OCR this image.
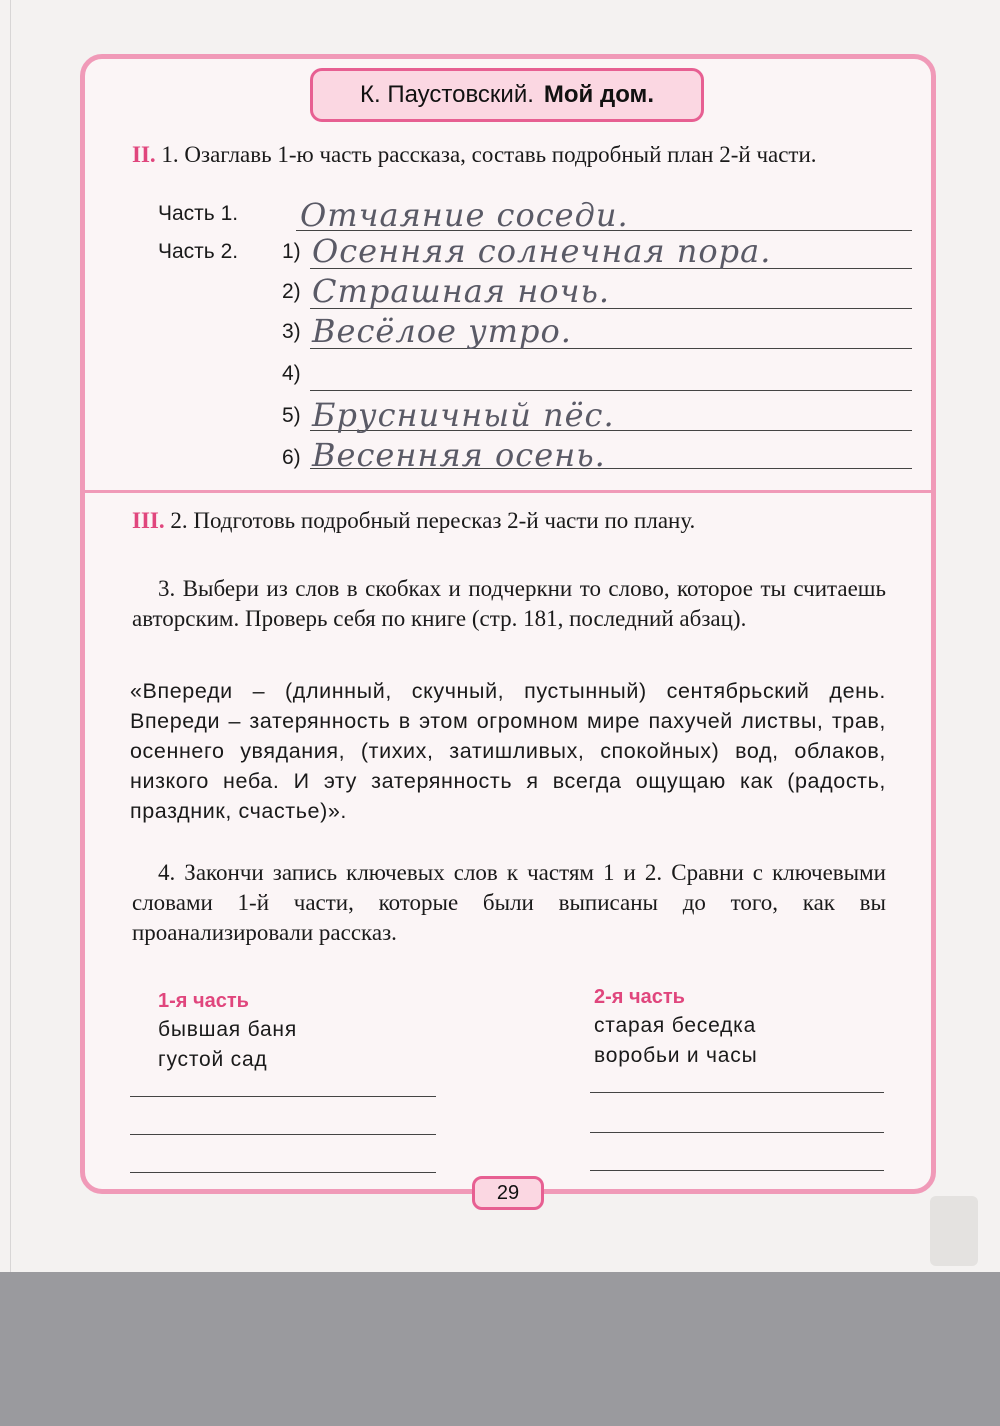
К. Паустовский. Мой дом.
II. 1. Озаглавь 1-ю часть рассказа, составь подробный план 2-й части.
Часть 1. Отчаяние соседи.
Часть 2. 1) Осенняя солнечная пора.
2) Страшная ночь.
3) Весёлое утро.
4)
5) Брусничный пёс.
6) Весенняя осень.
III. 2. Подготовь подробный пересказ 2-й части по плану.
3. Выбери из слов в скобках и подчеркни то слово, которое ты считаешь авторским. Проверь себя по книге (стр. 181, последний абзац).
«Впереди – (длинный, скучный, пустынный) сентябрьский день. Впереди – затерянность в этом огромном мире пахучей листвы, трав, осеннего увядания, (тихих, затишливых, спокойных) вод, облаков, низкого неба. И эту затерянность я всегда ощущаю как (радость, праздник, счастье)».
4. Закончи запись ключевых слов к частям 1 и 2. Сравни с ключевыми словами 1-й части, которые были выписаны до того, как вы проанализировали рассказ.
1-я часть
бывшая баня
густой сад
2-я часть
старая беседка
воробьи и часы
29
